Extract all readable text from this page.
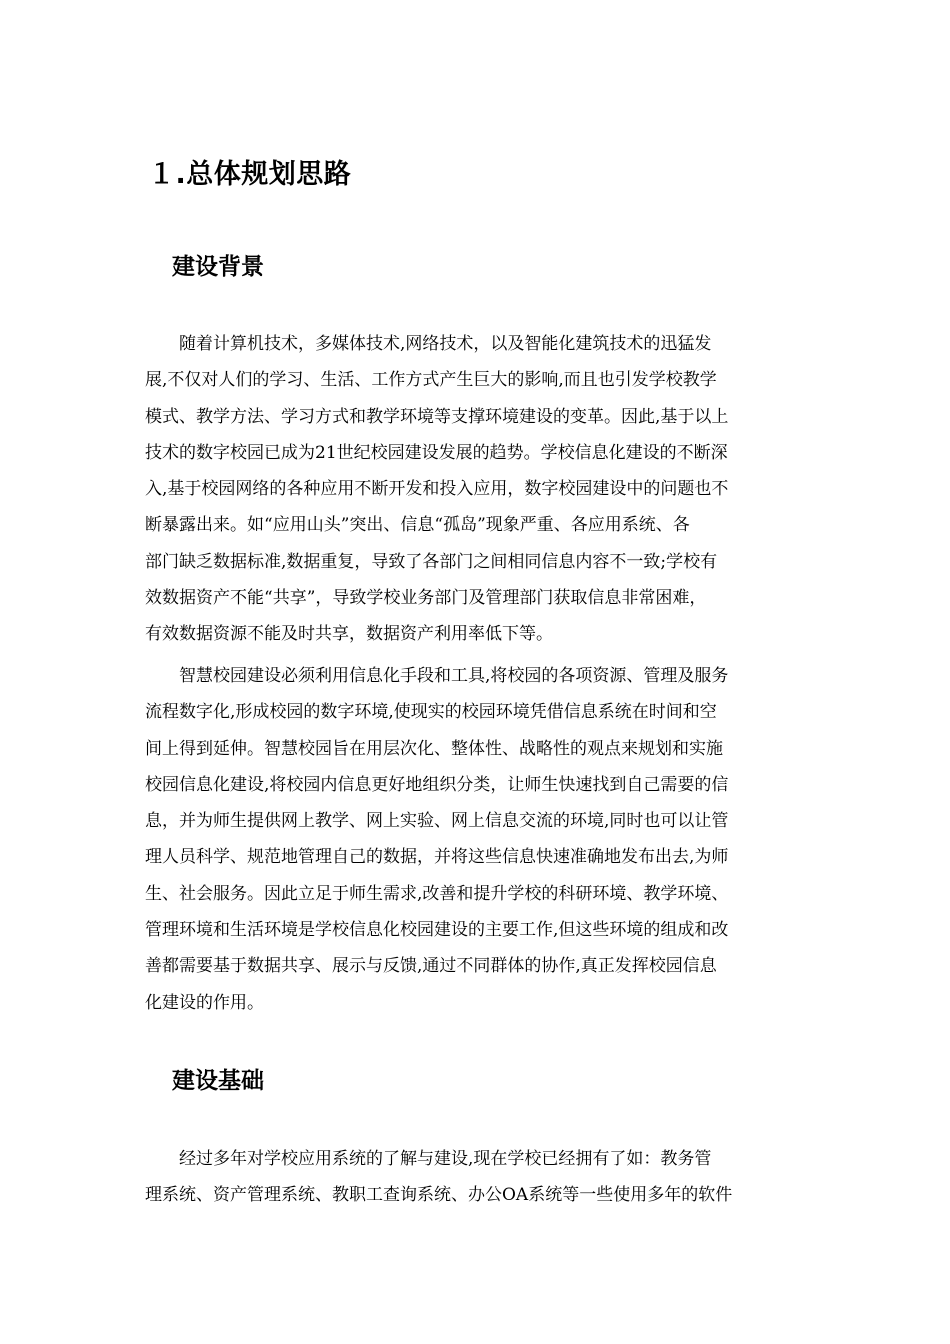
１.总体规划思路
建设背景

　　随着计算机技术，多媒体技术,网络技术，以及智能化建筑技术的迅猛发
展,不仅对人们的学习、生活、工作方式产生巨大的影响,而且也引发学校教学
模式、教学方法、学习方式和教学环境等支撑环境建设的变革。因此,基于以上
技术的数字校园已成为21世纪校园建设发展的趋势。学校信息化建设的不断深
入,基于校园网络的各种应用不断开发和投入应用，数字校园建设中的问题也不
断暴露出来。如“应用山头”突出、信息“孤岛”现象严重、各应用系统、各
部门缺乏数据标准,数据重复，导致了各部门之间相同信息内容不一致;学校有
效数据资产不能“共享”，导致学校业务部门及管理部门获取信息非常困难，
有效数据资源不能及时共享，数据资产利用率低下等。

　　智慧校园建设必须利用信息化手段和工具,将校园的各项资源、管理及服务
流程数字化,形成校园的数字环境,使现实的校园环境凭借信息系统在时间和空
间上得到延伸。智慧校园旨在用层次化、整体性、战略性的观点来规划和实施
校园信息化建设,将校园内信息更好地组织分类，让师生快速找到自己需要的信
息，并为师生提供网上教学、网上实验、网上信息交流的环境,同时也可以让管
理人员科学、规范地管理自己的数据，并将这些信息快速准确地发布出去,为师
生、社会服务。因此立足于师生需求,改善和提升学校的科研环境、教学环境、
管理环境和生活环境是学校信息化校园建设的主要工作,但这些环境的组成和改
善都需要基于数据共享、展示与反馈,通过不同群体的协作,真正发挥校园信息
化建设的作用。

建设基础

　　经过多年对学校应用系统的了解与建设,现在学校已经拥有了如：教务管
理系统、资产管理系统、教职工查询系统、办公OA系统等一些使用多年的软件
